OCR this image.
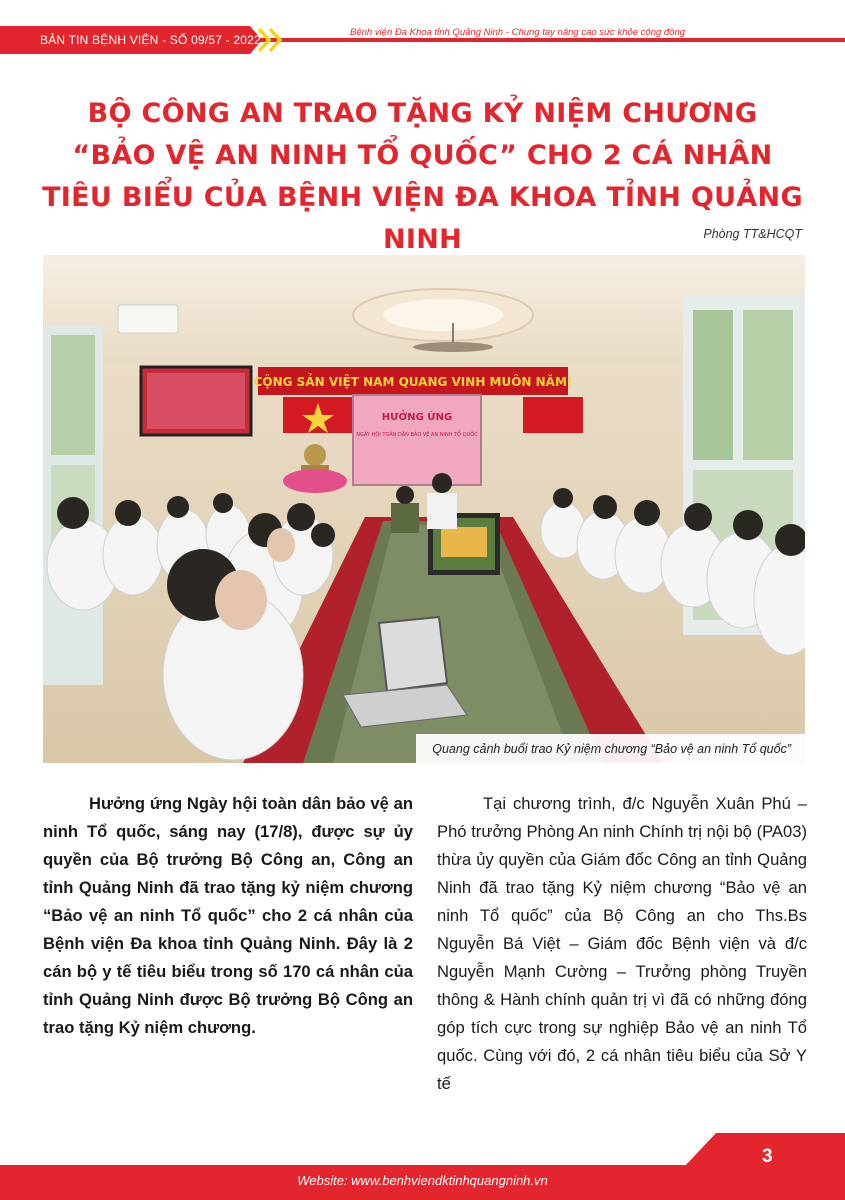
BẢN TIN BỆNH VIỆN - SỐ 09/57 - 2022
Bệnh viện Đa Khoa tỉnh Quảng Ninh - Chung tay nâng cao sức khỏe cộng đồng
BỘ CÔNG AN TRAO TẶNG KỶ NIỆM CHƯƠNG
“BẢO VỆ AN NINH TỔ QUỐC” CHO 2 CÁ NHÂN
TIÊU BIỂU CỦA BỆNH VIỆN ĐA KHOA TỈNH QUẢNG NINH	Phòng TT&HCQT
CỘNG SẢN VIỆT NAM QUANG VINH MUÔN NĂM!
HƯỞNG ỨNG
NGÀY HỘI TOÀN DÂN BẢO VỆ AN NINH TỔ QUỐC
Quang cảnh buổi trao Kỷ niệm chương “Bảo vệ an ninh Tổ quốc”

Hưởng ứng Ngày hội toàn dân bảo vệ an ninh Tổ quốc, sáng nay (17/8), được sự ủy quyền của Bộ trưởng Bộ Công an, Công an tỉnh Quảng Ninh đã trao tặng kỷ niệm chương “Bảo vệ an ninh Tổ quốc” cho 2 cá nhân của Bệnh viện Đa khoa tỉnh Quảng Ninh. Đây là 2 cán bộ y tế tiêu biểu trong số 170 cá nhân của tỉnh Quảng Ninh được Bộ trưởng Bộ Công an trao tặng Kỷ niệm chương.

Tại chương trình, đ/c Nguyễn Xuân Phú – Phó trưởng Phòng An ninh Chính trị nội bộ (PA03) thừa ủy quyền của Giám đốc Công an tỉnh Quảng Ninh đã trao tặng Kỷ niệm chương “Bảo vệ an ninh Tổ quốc” của Bộ Công an cho Ths.Bs Nguyễn Bá Việt – Giám đốc Bệnh viện và đ/c Nguyễn Mạnh Cường – Trưởng phòng Truyền thông & Hành chính quản trị vì đã có những đóng góp tích cực trong sự nghiệp Bảo vệ an ninh Tổ quốc. Cùng với đó, 2 cá nhân tiêu biểu của Sở Y tế

Website: www.benhviendktinhquangninh.vn
3
